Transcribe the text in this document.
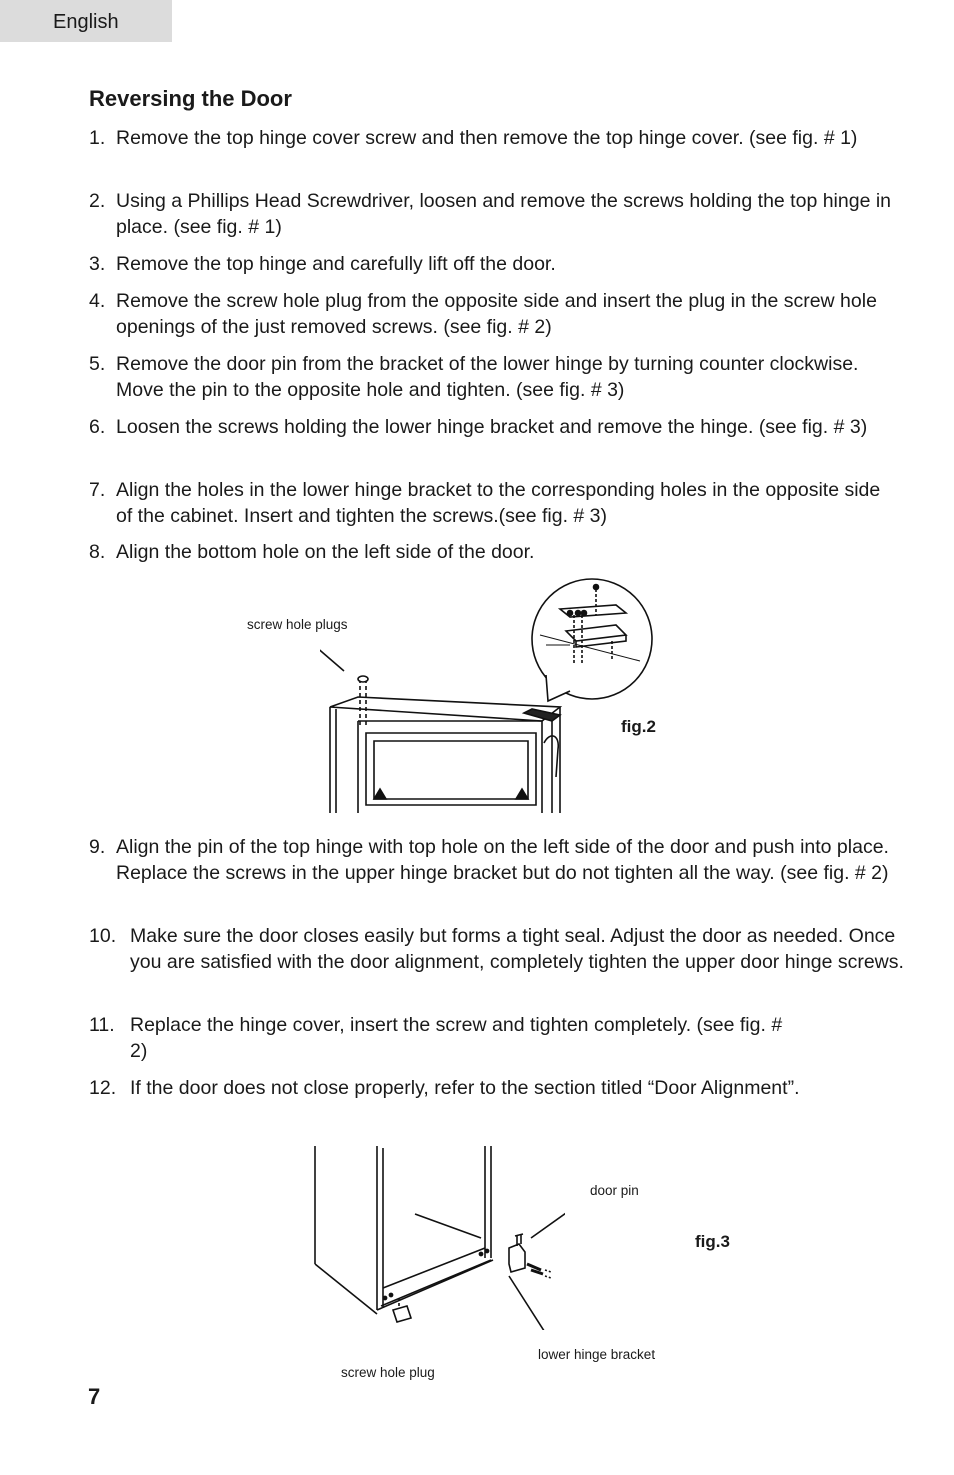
English
Reversing the Door
1. Remove the top hinge cover screw and then remove the top hinge cover. (see fig. # 1)
2. Using a Phillips Head Screwdriver, loosen and remove the screws holding the top hinge in place. (see fig. # 1)
3. Remove the top hinge and carefully lift off the door.
4. Remove the screw hole plug from the opposite side and insert the plug in the screw hole openings of the just removed screws. (see fig. # 2)
5. Remove the door pin from the bracket of the lower hinge by turning counter clockwise. Move the pin to the opposite hole and tighten. (see fig. # 3)
6. Loosen the screws holding the lower hinge bracket and remove the hinge. (see fig. # 3)
7. Align the holes in the lower hinge bracket to the corresponding holes in the opposite side of the cabinet. Insert and tighten the screws.(see fig. # 3)
8. Align the bottom hole on the left side of the door.
screw hole plugs
fig.2
9. Align the pin of the top hinge with top hole on the left side of the door and push into place. Replace the screws in the upper hinge bracket but do not tighten all the way. (see fig. # 2)
10. Make sure the door closes easily but forms a tight seal. Adjust the door as needed. Once you are satisfied with the door alignment, completely tighten the upper door hinge screws.
11. Replace the hinge cover, insert the screw and tighten completely. (see fig. # 2)
12. If the door does not close properly, refer to the section titled “Door Alignment”.
door pin
fig.3
lower hinge bracket
screw hole plug
7
